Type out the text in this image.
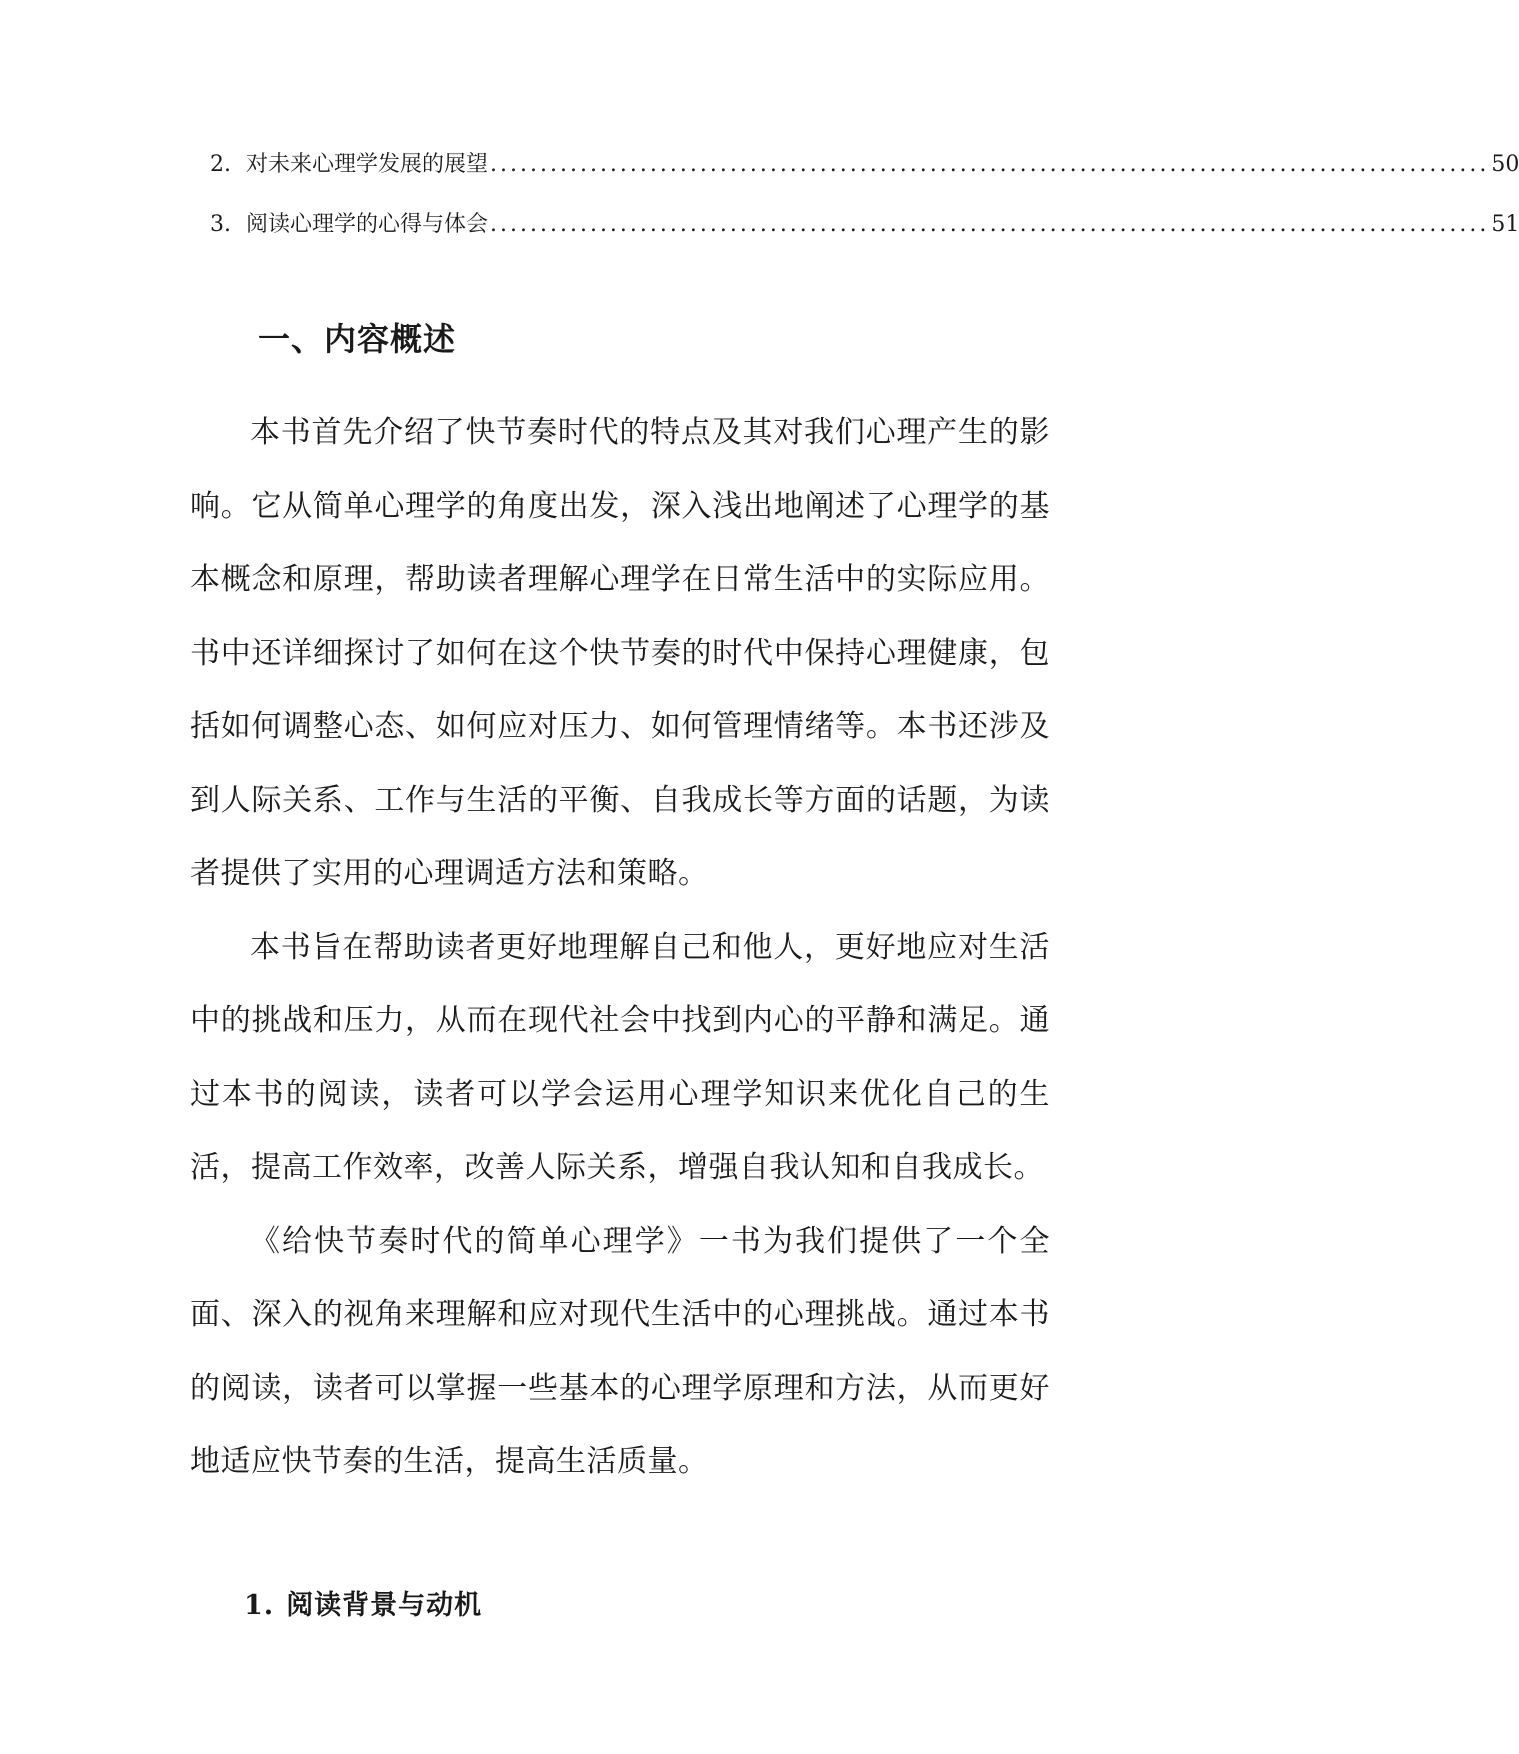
2. 对未来心理学发展的展望 .................................................................................................... 50
3. 阅读心理学的心得与体会 .................................................................................................... 51
一、内容概述

本书首先介绍了快节奏时代的特点及其对我们心理产生的影响。它从简单心理学的角度出发，深入浅出地阐述了心理学的基本概念和原理，帮助读者理解心理学在日常生活中的实际应用。书中还详细探讨了如何在这个快节奏的时代中保持心理健康，包括如何调整心态、如何应对压力、如何管理情绪等。本书还涉及到人际关系、工作与生活的平衡、自我成长等方面的话题，为读者提供了实用的心理调适方法和策略。

本书旨在帮助读者更好地理解自己和他人，更好地应对生活中的挑战和压力，从而在现代社会中找到内心的平静和满足。通过本书的阅读，读者可以学会运用心理学知识来优化自己的生活，提高工作效率，改善人际关系，增强自我认知和自我成长。

《给快节奏时代的简单心理学》一书为我们提供了一个全面、深入的视角来理解和应对现代生活中的心理挑战。通过本书的阅读，读者可以掌握一些基本的心理学原理和方法，从而更好地适应快节奏的生活，提高生活质量。

1. 阅读背景与动机
